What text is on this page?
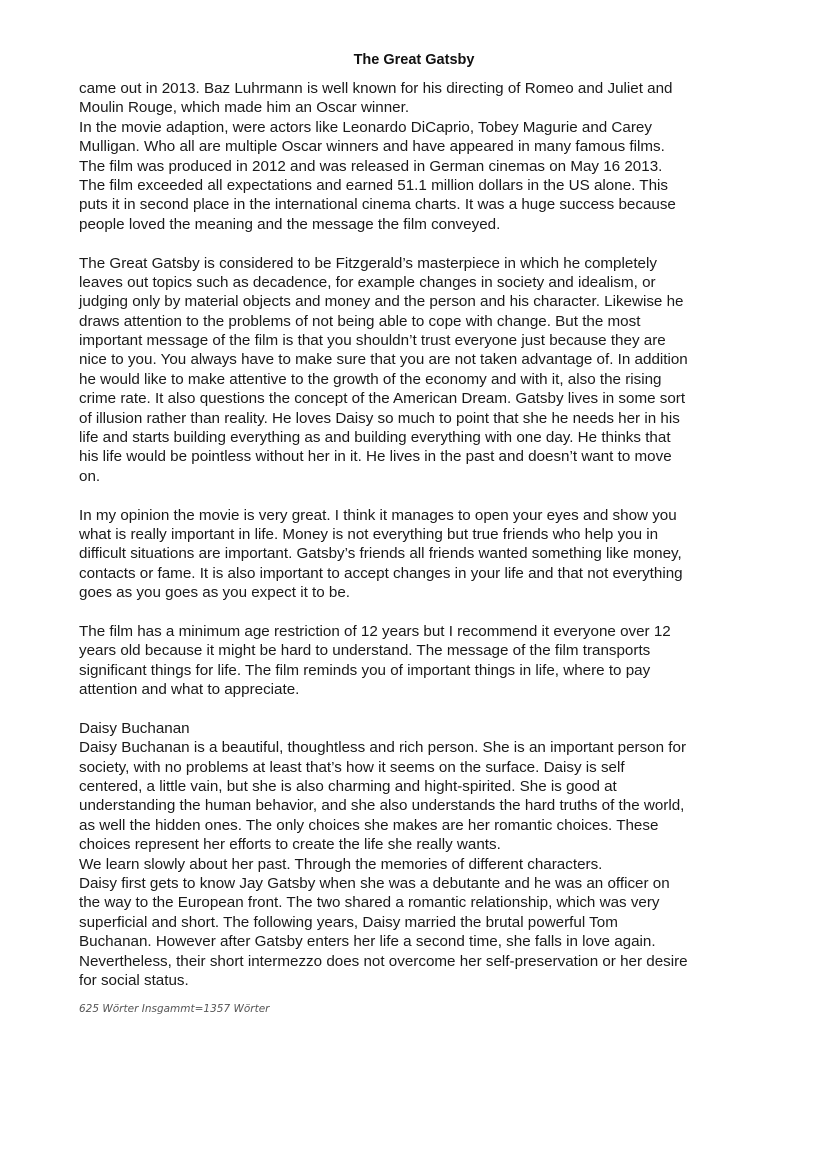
The Great Gatsby
came out in 2013. Baz Luhrmann is well known for his directing of Romeo and Juliet and
Moulin Rouge, which made him an Oscar winner.
In the movie adaption, were actors like Leonardo DiCaprio, Tobey Magurie and Carey
Mulligan. Who all are multiple Oscar winners and have appeared in many famous films.
The film was produced in 2012 and was released in German cinemas on May 16 2013.
The film exceeded all expectations and earned 51.1 million dollars in the US alone. This
puts it in second place in the international cinema charts. It was a huge success because
people loved the meaning and the message the film conveyed.
The Great Gatsby is considered to be Fitzgerald’s masterpiece in which he completely
leaves out topics such as decadence, for example changes in society and idealism, or
judging only by material objects and money and the person and his character. Likewise he
draws attention to the problems of not being able to cope with change. But the most
important message of the film is that you shouldn’t trust everyone just because they are
nice to you. You always have to make sure that you are not taken advantage of. In addition
he would like to make attentive to the growth of the economy and with it, also the rising
crime rate. It also questions the concept of the American Dream. Gatsby lives in some sort
of illusion rather than reality. He loves Daisy so much to point that she he needs her in his
life and starts building everything as and building everything with one day. He thinks that
his life would be pointless without her in it. He lives in the past and doesn’t want to move
on.
In my opinion the movie is very great. I think it manages to open your eyes and show you
what is really important in life. Money is not everything but true friends who help you in
difficult situations are important. Gatsby’s friends all friends wanted something like money,
contacts or fame. It is also important to accept changes in your life and that not everything
goes as you goes as you expect it to be.
The film has a minimum age restriction of 12 years but I recommend it everyone over 12
years old because it might be hard to understand. The message of the film transports
significant things for life. The film reminds you of important things in life, where to pay
attention and what to appreciate.
Daisy Buchanan
Daisy Buchanan is a beautiful, thoughtless and rich person. She is an important person for
society, with no problems at least that’s how it seems on the surface. Daisy is self
centered, a little vain, but she is also charming and hight-spirited. She is good at
understanding the human behavior, and she also understands the hard truths of the world,
as well the hidden ones. The only choices she makes are her romantic choices. These
choices represent her efforts to create the life she really wants.
We learn slowly about her past. Through the memories of different characters.
Daisy first gets to know Jay Gatsby when she was a debutante and he was an officer on
the way to the European front. The two shared a romantic relationship, which was very
superficial and short. The following years, Daisy married the brutal powerful Tom
Buchanan. However after Gatsby enters her life a second time, she falls in love again.
Nevertheless, their short intermezzo does not overcome her self-preservation or her desire
for social status.
625 Wörter Insgammt=1357 Wörter
